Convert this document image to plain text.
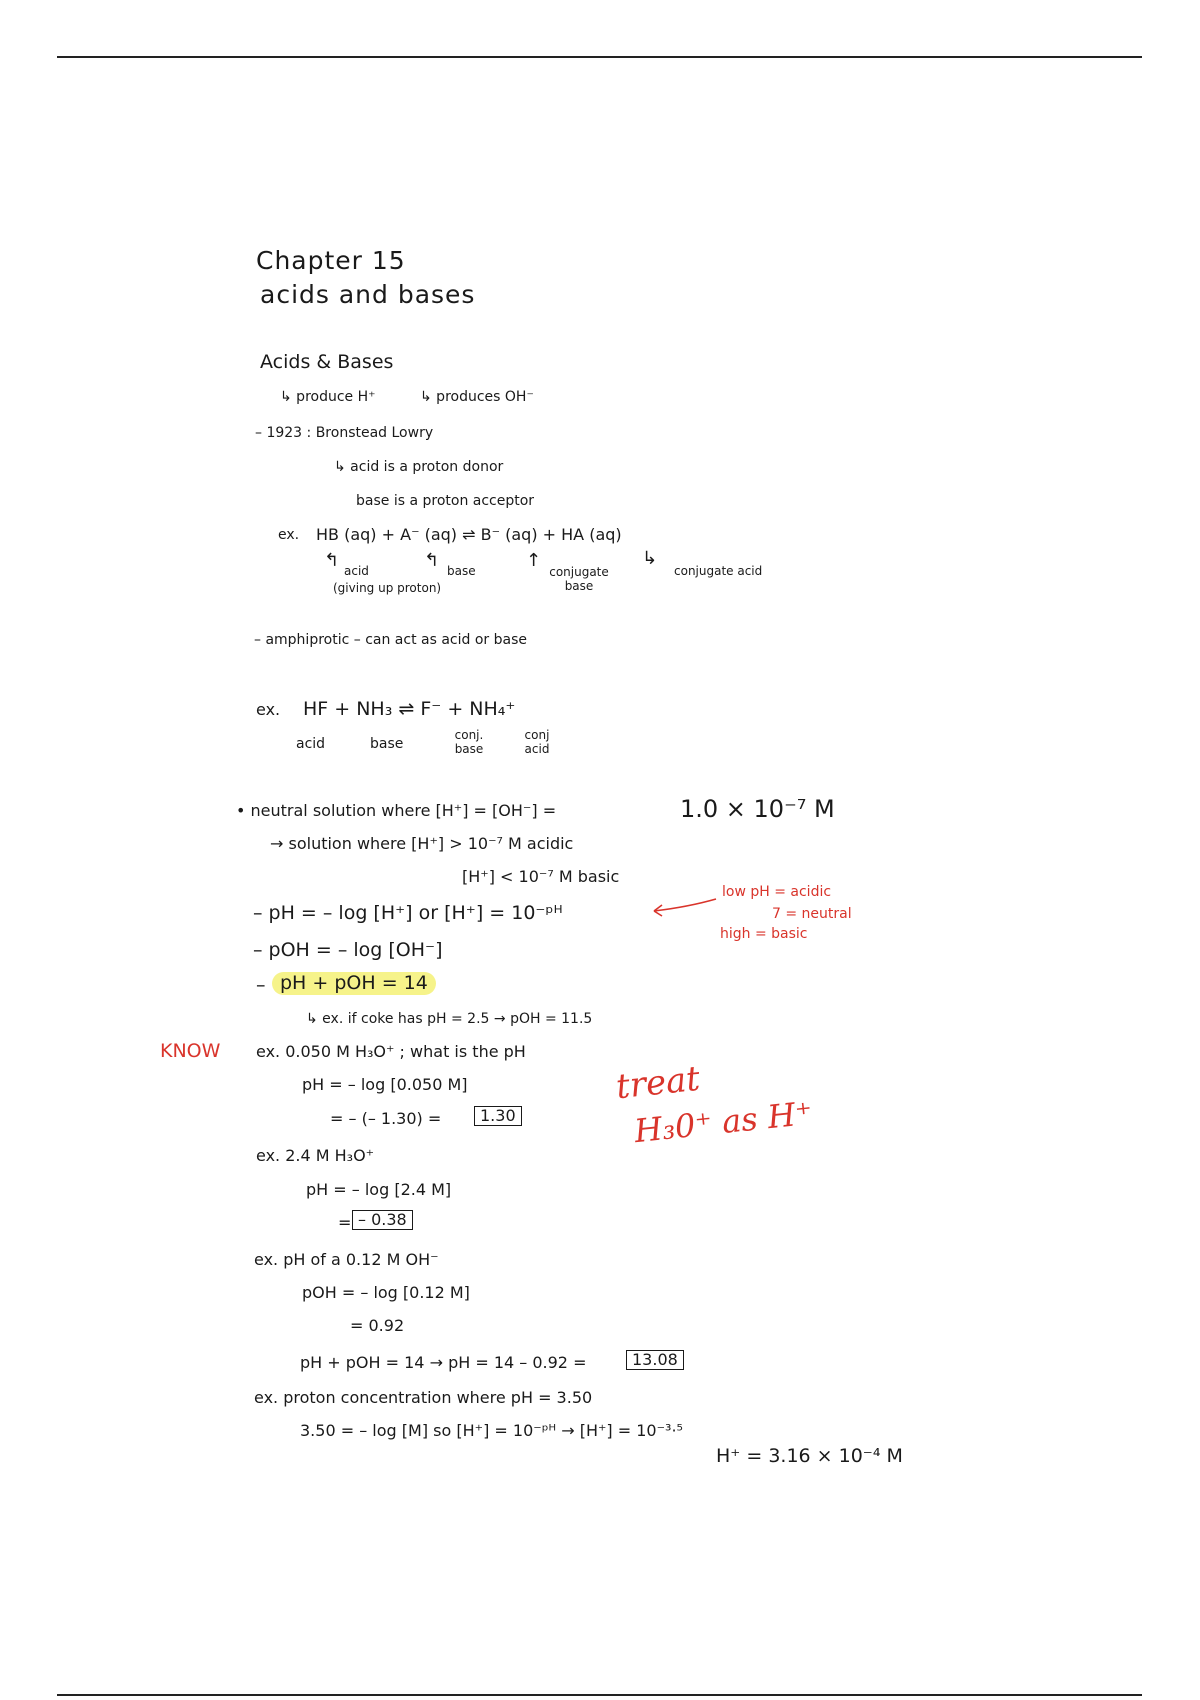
Chapter 15
acids and bases
Acids & Bases
↳ produce H⁺	↳ produces OH⁻
– 1923 : Bronstead Lowry
↳ acid is a proton donor
base is a proton acceptor
ex. HB (aq) + A⁻ (aq) ⇌ B⁻ (aq) + HA (aq)
↰ acid
(giving up proton)
↰ base	↑
conjugate base
↳
conjugate acid
– amphiprotic – can act as acid or base
ex. HF + NH₃ ⇌ F⁻ + NH₄⁺
acid	base
conj. base
conj acid
• neutral solution where [H⁺] = [OH⁻] =	1.0 × 10⁻⁷ M
→ solution where [H⁺] > 10⁻⁷ M acidic
[H⁺] < 10⁻⁷ M basic
– pH = – log [H⁺] or [H⁺] = 10⁻ᵖᴴ
low pH = acidic
7 = neutral
high = basic
– pOH = – log [OH⁻]
– pH + pOH = 14
↳ ex. if coke has pH = 2.5 → pOH = 11.5
KNOW ex. 0.050 M H₃O⁺ ; what is the pH
pH = – log [0.050 M]
= – (– 1.30) =	1.30
treat
H₃0⁺ as H⁺
ex. 2.4 M H₃O⁺
pH = – log [2.4 M]
= – 0.38
ex. pH of a 0.12 M OH⁻
pOH = – log [0.12 M]
= 0.92
pH + pOH = 14 → pH = 14 – 0.92 =	13.08
ex. proton concentration where pH = 3.50
3.50 = – log [M] so [H⁺] = 10⁻ᵖᴴ → [H⁺] = 10⁻³·⁵
H⁺ = 3.16 × 10⁻⁴ M
